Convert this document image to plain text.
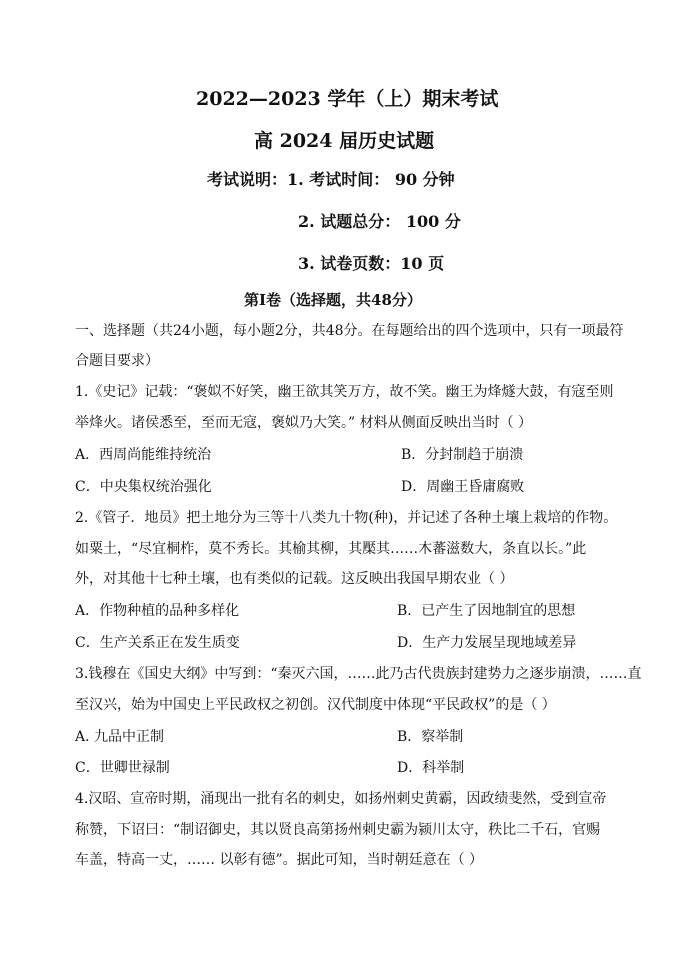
2022—2023 学年（上）期末考试
高 2024 届历史试题
考试说明：1. 考试时间： 90 分钟
2. 试题总分： 100 分
3. 试卷页数：10 页
第Ⅰ卷（选择题，共48分）
一、选择题（共24小题，每小题2分，共48分。在每题给出的四个选项中，只有一项最符
合题目要求）
1.《史记》记载：“褒姒不好笑，幽王欲其笑万方，故不笑。幽王为烽燧大鼓，有寇至则
举烽火。诸侯悉至，至而无寇，褒姒乃大笑。” 材料从侧面反映出当时（ ）
A．西周尚能维持统治	B．分封制趋于崩溃
C．中央集权统治强化	D．周幽王昏庸腐败
2.《管子．地员》把土地分为三等十八类九十物(种)，并记述了各种土壤上栽培的作物。
如粟土，“尽宜桐柞，莫不秀长。其榆其柳，其檿其……木蕃滋数大，条直以长。”此
外，对其他十七种土壤，也有类似的记载。这反映出我国早期农业（ ）
A．作物种植的品种多样化	B．已产生了因地制宜的思想
C．生产关系正在发生质变	D．生产力发展呈现地域差异
3.钱穆在《国史大纲》中写到：“秦灭六国，……此乃古代贵族封建势力之逐步崩溃，……直
至汉兴，始为中国史上平民政权之初创。汉代制度中体现“平民政权”的是（ ）
A. 九品中正制	B．察举制
C．世卿世禄制	D．科举制
4.汉昭、宣帝时期，涌现出一批有名的刺史，如扬州刺史黄霸，因政绩斐然，受到宣帝
称赞，下诏曰：“制诏御史，其以贤良高第扬州刺史霸为颍川太守，秩比二千石，官赐
车盖，特高一丈，…… 以彰有德”。据此可知，当时朝廷意在（ ）
